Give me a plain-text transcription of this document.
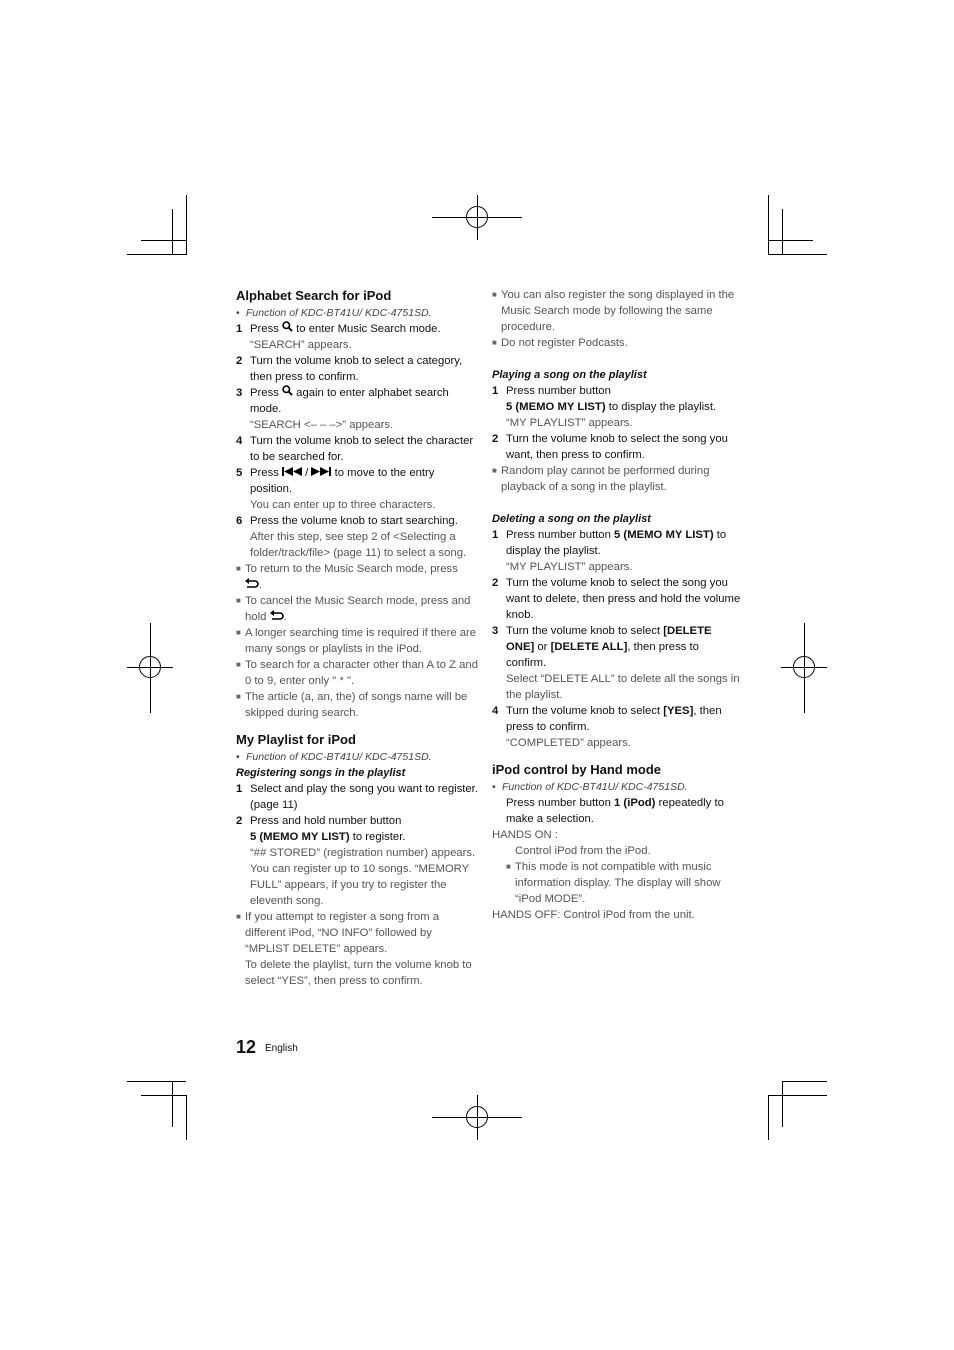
Alphabet Search for iPod
• Function of KDC-BT41U/ KDC-4751SD.
1 Press to enter Music Search mode.
“SEARCH” appears.
2 Turn the volume knob to select a category, then press to confirm.
3 Press again to enter alphabet search mode.
“SEARCH <– – –>” appears.
4 Turn the volume knob to select the character to be searched for.
5 Press / to move to the entry position.
You can enter up to three characters.
6 Press the volume knob to start searching.
After this step, see step 2 of <Selecting a folder/track/file> (page 11) to select a song.
■ To return to the Music Search mode, press
.
■ To cancel the Music Search mode, press and hold .
■ A longer searching time is required if there are many songs or playlists in the iPod.
■ To search for a character other than A to Z and 0 to 9, enter only " * ".
■ The article (a, an, the) of songs name will be skipped during search.
My Playlist for iPod
• Function of KDC-BT41U/ KDC-4751SD.
Registering songs in the playlist
1 Select and play the song you want to register. (page 11)
2 Press and hold number button
5 (MEMO MY LIST) to register.
“## STORED” (registration number) appears. You can register up to 10 songs. “MEMORY FULL” appears, if you try to register the eleventh song.
■ If you attempt to register a song from a different iPod, “NO INFO” followed by “MPLIST DELETE” appears.
To delete the playlist, turn the volume knob to select “YES”, then press to confirm.
■ You can also register the song displayed in the Music Search mode by following the same procedure.
■ Do not register Podcasts.
Playing a song on the playlist
1 Press number button
5 (MEMO MY LIST) to display the playlist.
“MY PLAYLIST” appears.
2 Turn the volume knob to select the song you want, then press to confirm.
■ Random play cannot be performed during playback of a song in the playlist.
Deleting a song on the playlist
1 Press number button 5 (MEMO MY LIST) to display the playlist.
“MY PLAYLIST” appears.
2 Turn the volume knob to select the song you want to delete, then press and hold the volume knob.
3 Turn the volume knob to select [DELETE ONE] or [DELETE ALL], then press to confirm.
Select “DELETE ALL” to delete all the songs in the playlist.
4 Turn the volume knob to select [YES], then press to confirm.
“COMPLETED” appears.
iPod control by Hand mode
• Function of KDC-BT41U/ KDC-4751SD.
Press number button 1 (iPod) repeatedly to make a selection.
HANDS ON :
Control iPod from the iPod.
■ This mode is not compatible with music information display. The display will show “iPod MODE”.
HANDS OFF: Control iPod from the unit.
12 English
